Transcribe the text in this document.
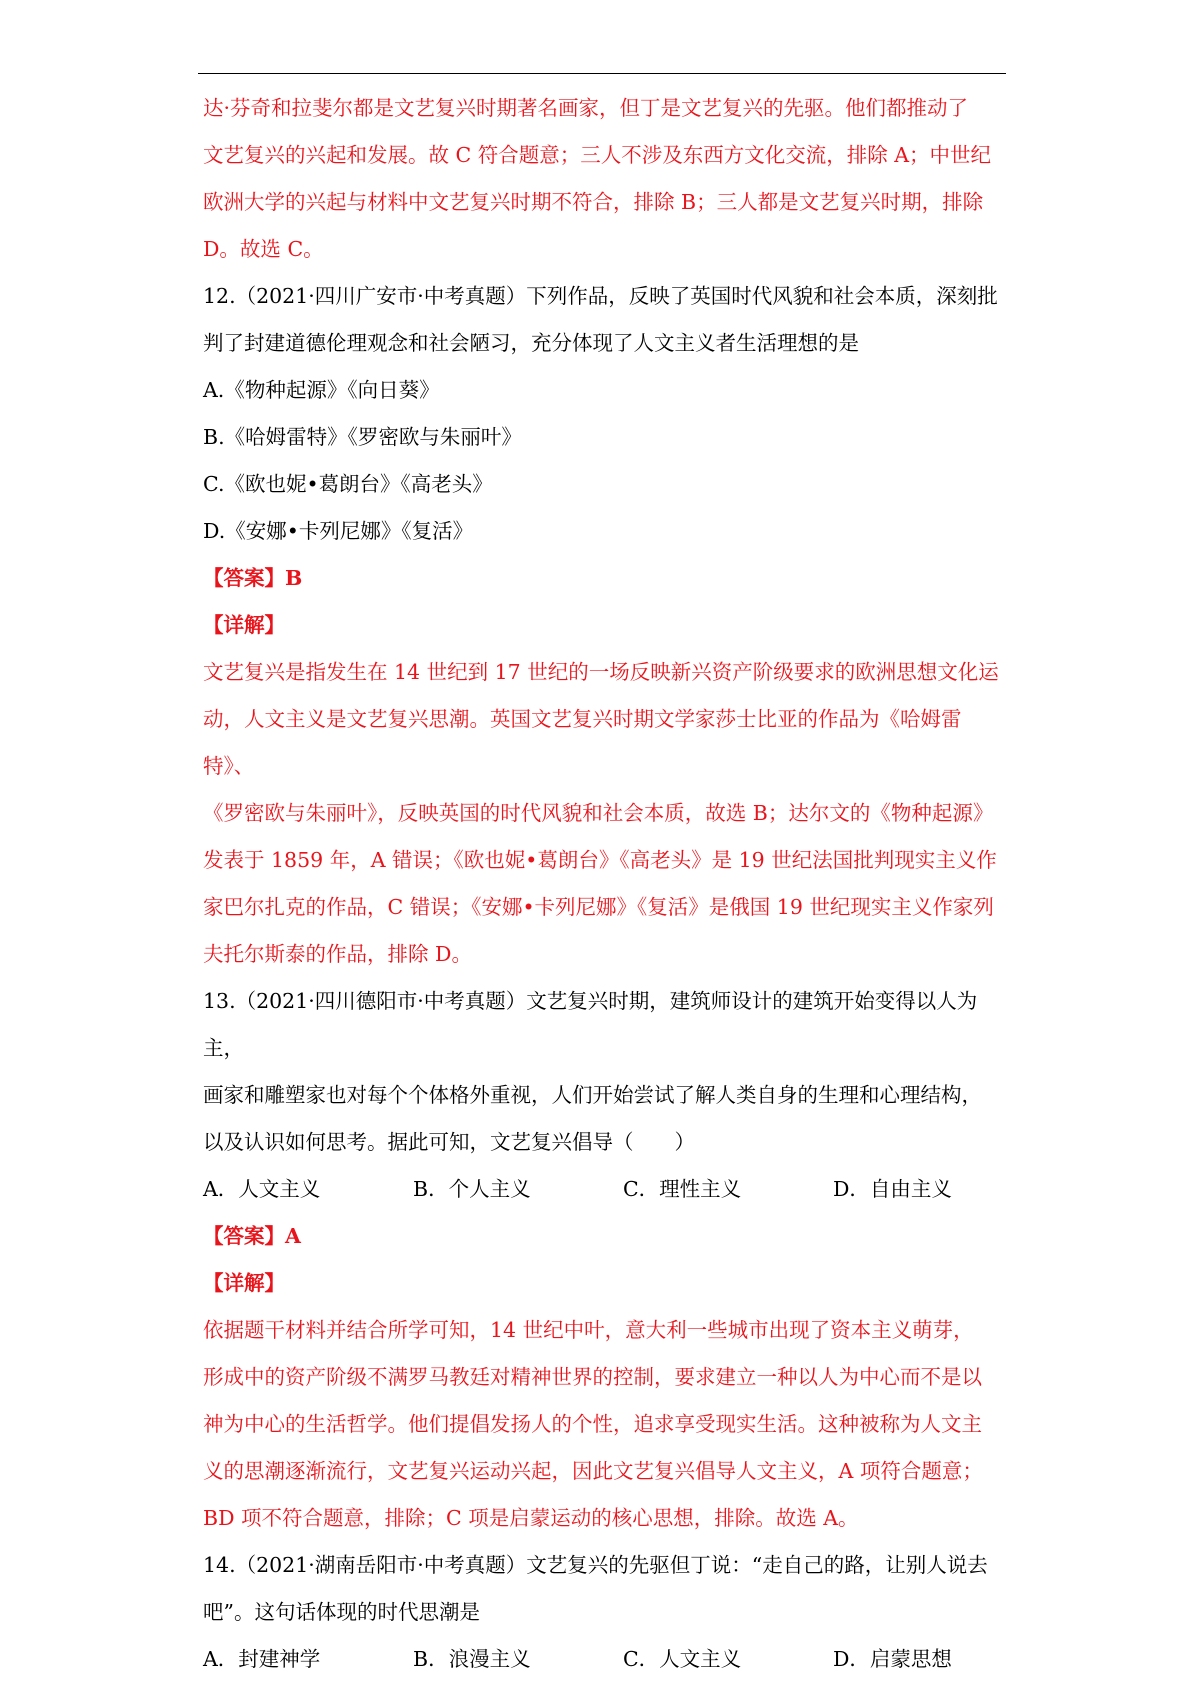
达·芬奇和拉斐尔都是文艺复兴时期著名画家，但丁是文艺复兴的先驱。他们都推动了

文艺复兴的兴起和发展。故 C 符合题意；三人不涉及东西方文化交流，排除 A；中世纪

欧洲大学的兴起与材料中文艺复兴时期不符合，排除 B；三人都是文艺复兴时期，排除

D。故选 C。

12.（2021·四川广安市·中考真题）下列作品，反映了英国时代风貌和社会本质，深刻批

判了封建道德伦理观念和社会陋习，充分体现了人文主义者生活理想的是

A.《物种起源》《向日葵》

B.《哈姆雷特》《罗密欧与朱丽叶》

C.《欧也妮•葛朗台》《高老头》

D.《安娜•卡列尼娜》《复活》

【答案】B

【详解】

文艺复兴是指发生在 14 世纪到 17 世纪的一场反映新兴资产阶级要求的欧洲思想文化运

动，人文主义是文艺复兴思潮。英国文艺复兴时期文学家莎士比亚的作品为《哈姆雷特》、

《罗密欧与朱丽叶》，反映英国的时代风貌和社会本质，故选 B；达尔文的《物种起源》

发表于 1859 年，A 错误；《欧也妮•葛朗台》《高老头》是 19 世纪法国批判现实主义作

家巴尔扎克的作品，C 错误；《安娜•卡列尼娜》《复活》是俄国 19 世纪现实主义作家列

夫托尔斯泰的作品，排除 D。

13.（2021·四川德阳市·中考真题）文艺复兴时期，建筑师设计的建筑开始变得以人为主，

画家和雕塑家也对每个个体格外重视，人们开始尝试了解人类自身的生理和心理结构，

以及认识如何思考。据此可知，文艺复兴倡导（　　）

A．人文主义	B．个人主义	C．理性主义	D．自由主义

【答案】A

【详解】

依据题干材料并结合所学可知，14 世纪中叶，意大利一些城市出现了资本主义萌芽，

形成中的资产阶级不满罗马教廷对精神世界的控制，要求建立一种以人为中心而不是以

神为中心的生活哲学。他们提倡发扬人的个性，追求享受现实生活。这种被称为人文主

义的思潮逐渐流行，文艺复兴运动兴起，因此文艺复兴倡导人文主义，A 项符合题意；

BD 项不符合题意，排除；C 项是启蒙运动的核心思想，排除。故选 A。

14.（2021·湖南岳阳市·中考真题）文艺复兴的先驱但丁说：“走自己的路，让别人说去

吧”。这句话体现的时代思潮是

A．封建神学	B．浪漫主义	C．人文主义	D．启蒙思想
